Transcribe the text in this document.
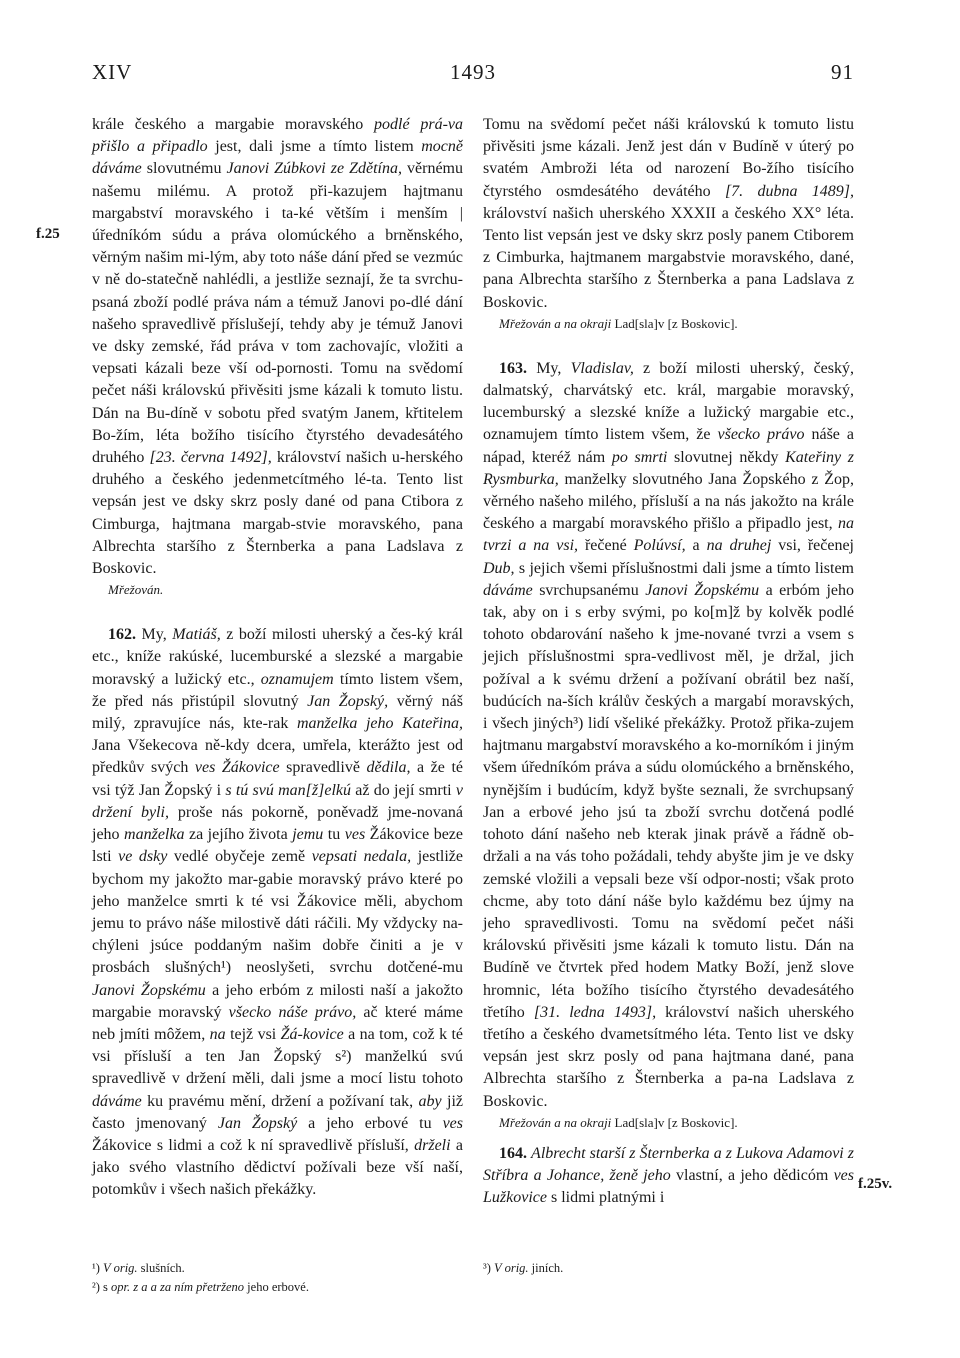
XIV	1493	91
f.25

krále českého a margabie moravského podlé prá-va přišlo a připadlo jest, dali jsme a tímto listem mocně dáváme slovutnému Janovi Zúbkovi ze Zdětína, věrnému našemu milému. A protož při-kazujem hajtmanu margabství moravského i ta-ké větším i menším | úředníkóm súdu a práva olomúckého a brněnského, věrným našim mi-lým, aby toto náše dání před se vezmúc v ně do-statečně nahlédli, a jestliže seznají, že ta svrchu-psaná zboží podlé práva nám a témuž Janovi po-dlé dání našeho spravedlivě příslušejí, tehdy aby je témuž Janovi ve dsky zemské, řád práva v tom zachovajíc, vložiti a vepsati kázali beze vší od-pornosti. Tomu na svědomí pečet náši královskú přivěsiti jsme kázali k tomuto listu. Dán na Bu-díně v sobotu před svatým Janem, křtitelem Bo-žím, léta božího tisícího čtyrstého devadesátého druhého [23. června 1492], království našich u-herského druhého a českého jedenmetcítmého lé-ta. Tento list vepsán jest ve dsky skrz posly dané od pana Ctibora z Cimburga, hajtmana margab-stvie moravského, pana Albrechta staršího z Šternberka a pana Ladslava z Boskovic.

Mřežován.

162. My, Matiáš, z boží milosti uherský a čes-ký král etc., kníže rakúské, lucemburské a slezské a margabie moravský a lužický etc., oznamujem tímto listem všem, že před nás přistúpil slovutný Jan Žopský, věrný náš milý, zpravujíce nás, kte-rak manželka jeho Kateřina, Jana Všekecova ně-kdy dcera, umřela, kterážto jest od předkův svých ves Žákovice spravedlivě dědila, a že té vsi týž Jan Žopský i s tú svú man[ž]elkú až do její smrti v držení byli, proše nás pokorně, poněvadž jme-novaná jeho manželka za jejího života jemu tu ves Žákovice beze lsti ve dsky vedlé obyčeje země vepsati nedala, jestliže bychom my jakožto mar-gabie moravský právo které po jeho manželce smrti k té vsi Žákovice měli, abychom jemu to právo náše milostivě dáti ráčili. My vždycky na-chýleni jsúce poddaným našim dobře činiti a je v prosbách slušných¹) neoslyšeti, svrchu dotčené-mu Janovi Žopskému a jeho erbóm z milosti naší a jakožto margabie moravský všecko náše právo, ač které máme neb jmíti môžem, na tejž vsi Žá-kovice a na tom, což k té vsi přísluší a ten Jan Žopský s²) manželkú svú spravedlivě v držení měli, dali jsme a mocí listu tohoto dáváme ku pravému mění, držení a požívaní tak, aby již často jmenovaný Jan Žopský a jeho erbové tu ves Žákovice s lidmi a což k ní spravedlivě přísluší, drželi a jako svého vlastního dědictví požívali beze vší naší, potomkův i všech našich překážky.

Tomu na svědomí pečet náši královskú k tomuto listu přivěsiti jsme kázali. Jenž jest dán v Budíně v úterý po svatém Ambroži léta od narození Bo-žího tisícího čtyrstého osmdesátého devátého [7. dubna 1489], království našich uherského XXXII a českého XX° léta. Tento list vepsán jest ve dsky skrz posly panem Ctiborem z Cimburka, hajtmanem margabstvie moravského, dané, pana Albrechta staršího z Šternberka a pana Ladslava z Boskovic.

Mřežován a na okraji Lad[sla]v [z Boskovic].

163. My, Vladislav, z boží milosti uherský, český, dalmatský, charvátský etc. král, margabie moravský, lucemburský a slezské kníže a lužický margabie etc., oznamujem tímto listem všem, že všecko právo náše a nápad, kteréž nám po smrti slovutnej někdy Kateřiny z Rysmburka, manželky slovutného Jana Žopského z Žop, věrného našeho milého, přísluší a na nás jakožto na krále českého a margabí moravského přišlo a připadlo jest, na tvrzi a na vsi, řečené Polúvsí, a na druhej vsi, řečenej Dub, s jejich všemi příslušnostmi dali jsme a tímto listem dáváme svrchupsanému Janovi Žopskému a erbóm jeho tak, aby on i s erby svými, po ko[m]ž by kolvěk podlé tohoto obdarování našeho k jme-nované tvrzi a vsem s jejich příslušnostmi spra-vedlivost měl, je držal, jich požíval a k svému držení a požívaní obrátil bez naší, budúcích na-ších králův českých a margabí moravských, i všech jiných³) lidí všeliké překážky. Protož přika-zujem hajtmanu margabství moravského a ko-morníkóm i jiným všem úředníkóm práva a súdu olomúckého a brněnského, nynějším i budúcím, když byšte seznali, že svrchupsaný Jan a erbové jeho jsú ta zboží svrchu dotčená podlé tohoto dání našeho neb kterak jinak právě a řádně ob-držali a na vás toho požádali, tehdy abyšte jim je ve dsky zemské vložili a vepsali beze vší odpor-nosti; však proto chcme, aby toto dání náše bylo každému bez újmy na jeho spravedlivosti. Tomu na svědomí pečet náši královskú přivěsiti jsme kázali k tomuto listu. Dán na Budíně ve čtvrtek před hodem Matky Boží, jenž slove hromnic, léta božího tisícího čtyrstého devadesátého třetího [31. ledna 1493], království našich uherského třetího a českého dvametsítmého léta. Tento list ve dsky vepsán jest skrz posly od pana hajtmana dané, pana Albrechta staršího z Šternberka a pa-na Ladslava z Boskovic.

Mřežován a na okraji Lad[sla]v [z Boskovic].

164. Albrecht starší z Šternberka a z Lukova Adamovi z Stříbra a Johance, ženě jeho vlastní, a jeho dědicóm ves Lužkovice s lidmi platnými i

f.25v.
¹) V orig. slušních.
²) s opr. z a a za ním přetrženo jeho erbové.
³) V orig. jiních.
